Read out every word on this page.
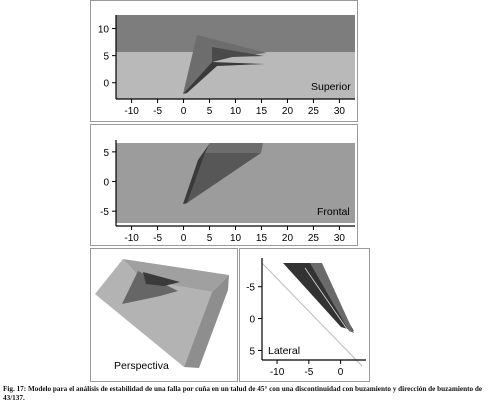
-10 -5 0 5 10 15 20 25 30
10
5
0	Superior
-10 -5 0 5 10 15 20 25 30
5
0
-5	Frontal
Perspectiva
-10 -5 0
-5
0
5 Lateral
Fig. 17: Modelo para el análisis de estabilidad de una falla por cuña en un talud de 45° con una discontinuidad con buzamiento y dirección de buzamiento de 43/137.
